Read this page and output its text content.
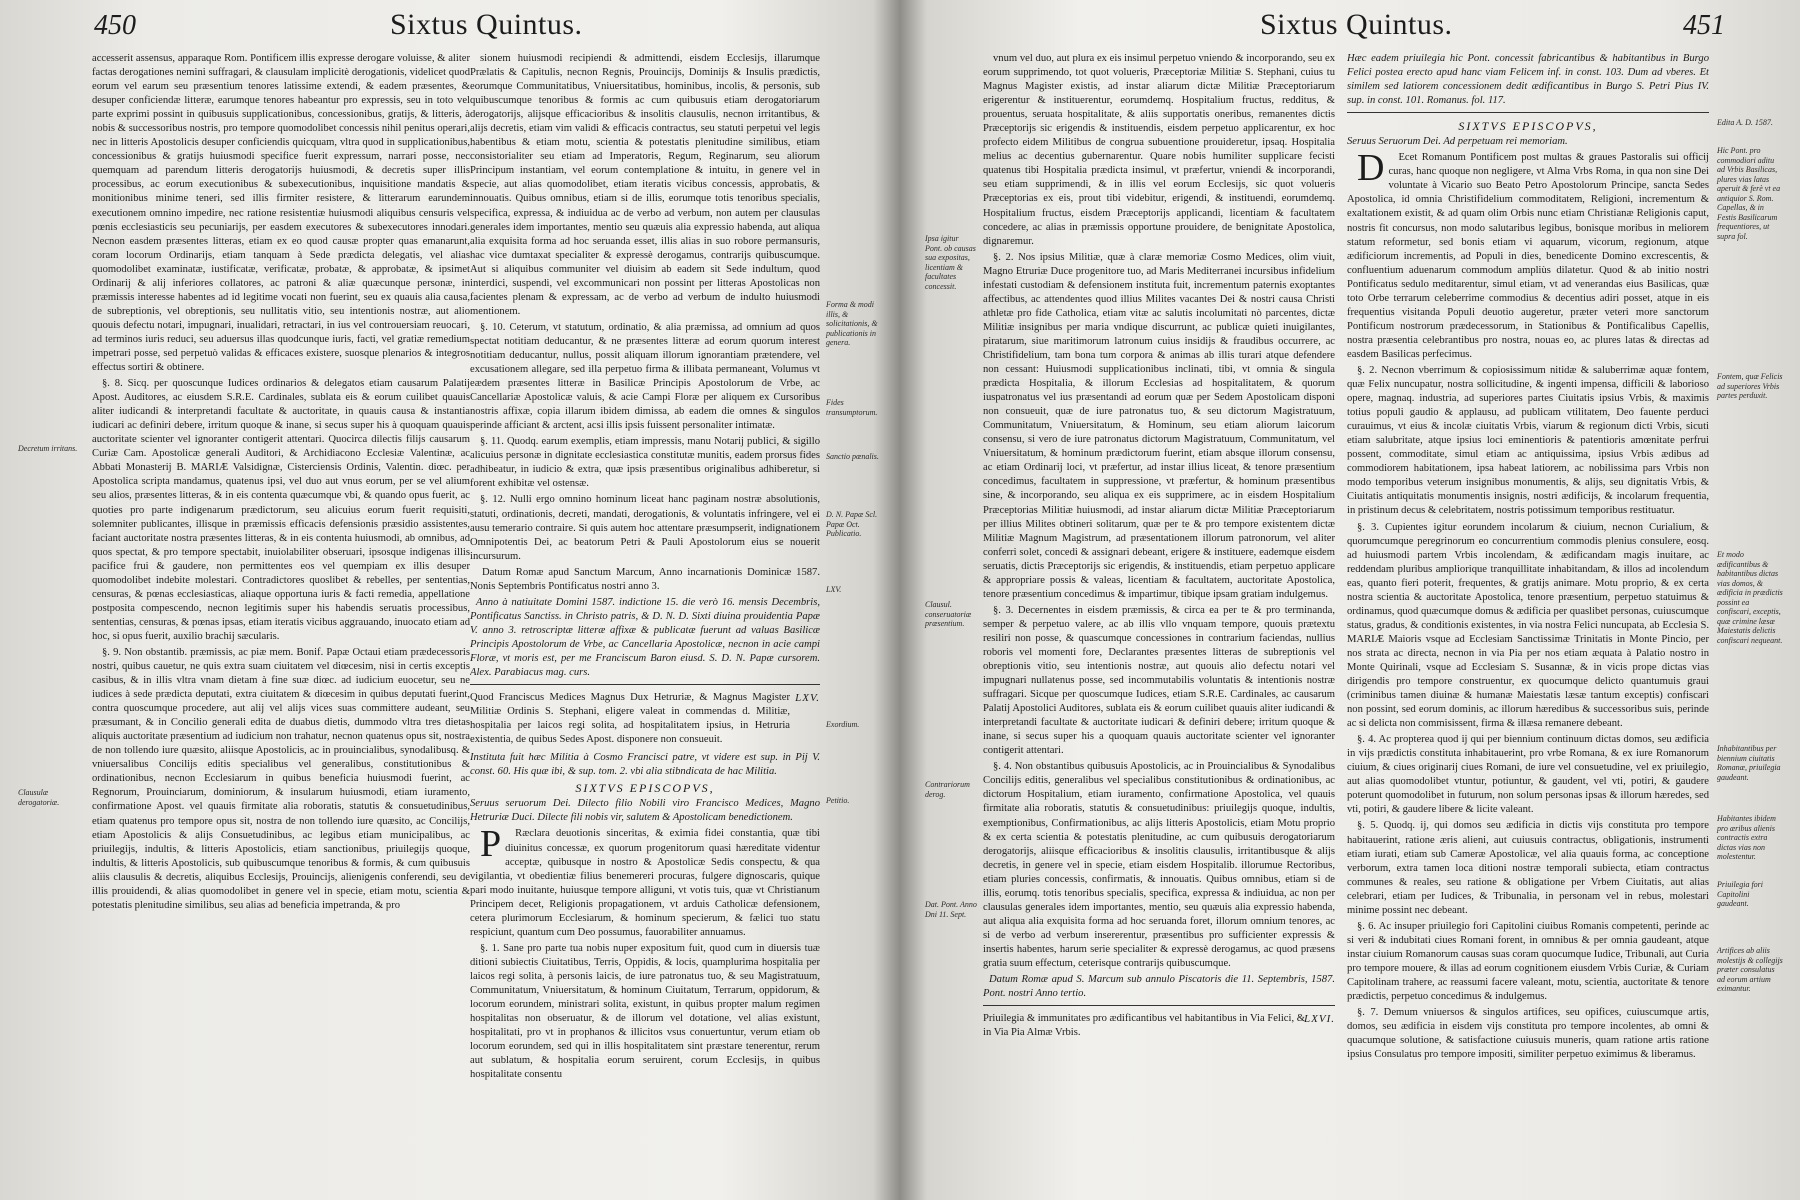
450	Sixtus Quintus.

accesserit assensus, apparaque Rom. Pontificem illis expresse derogare voluisse, & aliter factas derogationes nemini suffragari, & clausulam implicitè derogationis, videlicet quod eorum vel earum seu præsentium tenores latissime extendi, & eadem præsentes, & desuper conficiendæ litteræ, earumque tenores habeantur pro expressis, seu in toto vel parte exprimi possint in quibusuis supplicationibus, concessionibus, gratijs, & litteris, à nobis & successoribus nostris, pro tempore quomodolibet concessis nihil penitus operari, nec in litteris Apostolicis desuper conficiendis quicquam, vltra quod in supplicationibus, concessionibus & gratijs huiusmodi specifice fuerit expressum, narrari posse, nec quemquam ad parendum litteris derogatorijs huiusmodi, & decretis super illis processibus, ac eorum executionibus & subexecutionibus, inquisitione mandatis & monitionibus minime teneri, sed illis firmiter resistere, & litterarum earundem executionem omnino impedire, nec ratione resistentiæ huiusmodi aliquibus censuris vel pœnis ecclesiasticis seu pecuniarijs, per easdem executores & subexecutores innodari. Necnon easdem præsentes litteras, etiam ex eo quod causæ propter quas emanarunt, coram locorum Ordinarijs, etiam tanquam à Sede prædicta delegatis, vel alias quomodolibet examinatæ, iustificatæ, verificatæ, probatæ, & approbatæ, & ipsimet Ordinarij & alij inferiores collatores, ac patroni & aliæ quæcunque personæ, in præmissis interesse habentes ad id legitime vocati non fuerint, seu ex quauis alia causa, de subreptionis, vel obreptionis, seu nullitatis vitio, seu intentionis nostræ, aut alio quouis defectu notari, impugnari, inualidari, retractari, in ius vel controuersiam reuocari, ad terminos iuris reduci, seu aduersus illas quodcunque iuris, facti, vel gratiæ remedium impetrari posse, sed perpetuò validas & efficaces existere, suosque plenarios & integros effectus sortiri & obtinere.

§. 8. Sicq. per quoscunque Iudices ordinarios & delegatos etiam causarum Palatij Apost. Auditores, ac eiusdem S.R.E. Cardinales, sublata eis & eorum cuilibet quauis aliter iudicandi & interpretandi facultate & auctoritate, in quauis causa & instantia iudicari ac definiri debere, irritum quoque & inane, si secus super his à quoquam quauis auctoritate scienter vel ignoranter contigerit attentari. Quocirca dilectis filijs causarum Curiæ Cam. Apostolicæ generali Auditori, & Archidiacono Ecclesiæ Valentinæ, ac Abbati Monasterij B. MARIÆ Valsidignæ, Cisterciensis Ordinis, Valentin. diœc. per Apostolica scripta mandamus, quatenus ipsi, vel duo aut vnus eorum, per se vel alium seu alios, præsentes litteras, & in eis contenta quæcumque vbi, & quando opus fuerit, ac quoties pro parte indigenarum prædictorum, seu alicuius eorum fuerit requisiti, solemniter publicantes, illisque in præmissis efficacis defensionis præsidio assistentes, faciant auctoritate nostra præsentes litteras, & in eis contenta huiusmodi, ab omnibus, ad quos spectat, & pro tempore spectabit, inuiolabiliter obseruari, ipsosque indigenas illis pacifice frui & gaudere, non permittentes eos vel quempiam ex illis desuper quomodolibet indebite molestari. Contradictores quoslibet & rebelles, per sententias, censuras, & pœnas ecclesiasticas, aliaque opportuna iuris & facti remedia, appellatione postposita compescendo, necnon legitimis super his habendis seruatis processibus, sententias, censuras, & pœnas ipsas, etiam iteratis vicibus aggrauando, inuocato etiam ad hoc, si opus fuerit, auxilio brachij sæcularis.

§. 9. Non obstantib. præmissis, ac piæ mem. Bonif. Papæ Octaui etiam prædecessoris nostri, quibus cauetur, ne quis extra suam ciuitatem vel diœcesim, nisi in certis exceptis casibus, & in illis vltra vnam dietam à fine suæ diœc. ad iudicium euocetur, seu ne iudices à sede prædicta deputati, extra ciuitatem & diœcesim in quibus deputati fuerint, contra quoscumque procedere, aut alij vel alijs vices suas committere audeant, seu præsumant, & in Concilio generali edita de duabus dietis, dummodo vltra tres dietas aliquis auctoritate præsentium ad iudicium non trahatur, necnon quatenus opus sit, nostra de non tollendo iure quæsito, aliisque Apostolicis, ac in prouincialibus, synodalibusq. & vniuersalibus Concilijs editis specialibus vel generalibus, constitutionibus & ordinationibus, necnon Ecclesiarum in quibus beneficia huiusmodi fuerint, ac Regnorum, Prouinciarum, dominiorum, & insularum huiusmodi, etiam iuramento, confirmatione Apost. vel quauis firmitate alia roboratis, statutis & consuetudinibus, etiam quatenus pro tempore opus sit, nostra de non tollendo iure quæsito, ac Concilijs, etiam Apostolicis & alijs Consuetudinibus, ac legibus etiam municipalibus, ac priuilegijs, indultis, & litteris Apostolicis, etiam sanctionibus, priuilegijs quoque, indultis, & litteris Apostolicis, sub quibuscumque tenoribus & formis, & cum quibusuis aliis clausulis & decretis, aliquibus Ecclesijs, Prouincijs, alienigenis conferendi, seu de illis prouidendi, & alias quomodolibet in genere vel in specie, etiam motu, scientia & potestatis plenitudine similibus, seu alias ad beneficia impetranda, & pro

sionem huiusmodi recipiendi & admittendi, eisdem Ecclesijs, illarumque Prælatis & Capitulis, necnon Regnis, Prouincijs, Dominijs & Insulis prædictis, eorumque Communitatibus, Vniuersitatibus, hominibus, incolis, & personis, sub quibuscumque tenoribus & formis ac cum quibusuis etiam derogatoriarum derogatorijs, alijsque efficacioribus & insolitis clausulis, necnon irritantibus, & alijs decretis, etiam vim validi & efficacis contractus, seu statuti perpetui vel legis habentibus & etiam motu, scientia & potestatis plenitudine similibus, etiam consistorialiter seu etiam ad Imperatoris, Regum, Reginarum, seu aliorum Principum instantiam, vel eorum contemplatione & intuitu, in genere vel in specie, aut alias quomodolibet, etiam iteratis vicibus concessis, approbatis, & innouatis. Quibus omnibus, etiam si de illis, eorumque totis tenoribus specialis, specifica, expressa, & indiuidua ac de verbo ad verbum, non autem per clausulas generales idem importantes, mentio seu quæuis alia expressio habenda, aut aliqua alia exquisita forma ad hoc seruanda esset, illis alias in suo robore permansuris, hac vice dumtaxat specialiter & expressè derogamus, contrarijs quibuscumque. Aut si aliquibus communiter vel diuisim ab eadem sit Sede indultum, quod interdici, suspendi, vel excommunicari non possint per litteras Apostolicas non facientes plenam & expressam, ac de verbo ad verbum de indulto huiusmodi mentionem.

§. 10. Ceterum, vt statutum, ordinatio, & alia præmissa, ad omnium ad quos spectat notitiam deducantur, & ne præsentes litteræ ad eorum quorum interest notitiam deducantur, nullus, possit aliquam illorum ignorantiam prætendere, vel excusationem allegare, sed illa perpetuo firma & illibata permaneant, Volumus vt eædem præsentes litteræ in Basilicæ Principis Apostolorum de Vrbe, ac Cancellariæ Apostolicæ valuis, & acie Campi Floræ per aliquem ex Cursoribus nostris affixæ, copia illarum ibidem dimissa, ab eadem die omnes & singulos perinde afficiant & arctent, acsi illis ipsis fuissent personaliter intimatæ.

§. 11. Quodq. earum exemplis, etiam impressis, manu Notarij publici, & sigillo alicuius personæ in dignitate ecclesiastica constitutæ munitis, eadem prorsus fides adhibeatur, in iudicio & extra, quæ ipsis præsentibus originalibus adhiberetur, si forent exhibitæ vel ostensæ.

§. 12. Nulli ergo omnino hominum liceat hanc paginam nostræ absolutionis, statuti, ordinationis, decreti, mandati, derogationis, & voluntatis infringere, vel ei ausu temerario contraire. Si quis autem hoc attentare præsumpserit, indignationem Omnipotentis Dei, ac beatorum Petri & Pauli Apostolorum eius se nouerit incursurum.

Datum Romæ apud Sanctum Marcum, Anno incarnationis Dominicæ 1587. Nonis Septembris Pontificatus nostri anno 3.

Anno à natiuitate Domini 1587. indictione 15. die verò 16. mensis Decembris, Pontificatus Sanctiss. in Christo patris, & D. N. D. Sixti diuina prouidentia Papæ V. anno 3. retroscriptæ litteræ affixæ & publicatæ fuerunt ad valuas Basilicæ Principis Apostolorum de Vrbe, ac Cancellaria Apostolicæ, necnon in acie campi Floræ, vt moris est, per me Franciscum Baron eiusd. S. D. N. Papæ cursorem. Alex. Parabiacus mag. curs.

Quod Franciscus Medices Magnus Dux Hetruriæ, & Magnus Magister Militiæ Ordinis S. Stephani, eligere valeat in commendas d. Militiæ, hospitalia per laicos regi solita, ad hospitalitatem ipsius, in Hetruria existentia, de quibus Sedes Apost. disponere non consueuit.

LXV.

Instituta fuit hæc Militia à Cosmo Francisci patre, vt videre est sup. in Pij V. const. 60. His quæ ibi, & sup. tom. 2. vbi alia stibndicata de hac Militia.

SIXTVS EPISCOPVS,

Seruus seruorum Dei. Dilecto filio Nobili viro Francisco Medices, Magno Hetruriæ Duci. Dilecte fili nobis vir, salutem & Apostolicam benedictionem.

P Ræclara deuotionis sinceritas, & eximia fidei constantia, quæ tibi diuinitus concessæ, ex quorum progenitorum quasi hæreditate videntur acceptæ, quibusque in nostro & Apostolicæ Sedis conspectu, & qua vigilantia, vt obedientiæ filius benemereri procuras, fulgere dignoscaris, quique pari modo inuitante, huiusque tempore alliguni, vt votis tuis, quæ vt Christianum Principem decet, Religionis propagationem, vt arduis Catholicæ defensionem, cetera plurimorum Ecclesiarum, & hominum specierum, & fælici tuo statu respiciunt, quantum cum Deo possumus, fauorabiliter annuamus.

§. 1. Sane pro parte tua nobis nuper expositum fuit, quod cum in diuersis tuæ ditioni subiectis Ciuitatibus, Terris, Oppidis, & locis, quamplurima hospitalia per laicos regi solita, à personis laicis, de iure patronatus tuo, & seu Magistratuum, Communitatum, Vniuersitatum, & hominum Ciuitatum, Terrarum, oppidorum, & locorum eorundem, ministrari solita, existunt, in quibus propter malum regimen hospitalitas non obseruatur, & de illorum vel dotatione, vel alias existunt, hospitalitati, pro vt in prophanos & illicitos vsus conuertuntur, verum etiam ob locorum eorundem, sed qui in illis hospitalitatem sint præstare tenerentur, rerum aut sublatum, & hospitalia eorum seruirent, corum Ecclesijs, in quibus hospitalitate consentu

Forma & modi illis, & solicitationis, & publicationis in genera.
Fides transumptorum.
Sanctio pœnalis.
D. N. Papæ Scl. Papæ Oct. Publicatio.
LXV.
Exordium.
Petitio.
Decretum irritans.
Clausulæ derogatoriæ.
Sixtus Quintus.	451

vnum vel duo, aut plura ex eis insimul perpetuo vniendo & incorporando, seu ex eorum supprimendo, tot quot volueris, Præceptoriæ Militiæ S. Stephani, cuius tu Magnus Magister existis, ad instar aliarum dictæ Militiæ Præceptoriarum erigerentur & instituerentur, eorumdemq. Hospitalium fructus, redditus, & prouentus, seruata hospitalitate, & aliis supportatis oneribus, remanentes dictis Præceptorijs sic erigendis & instituendis, eisdem perpetuo applicarentur, ex hoc profecto eidem Militibus de congrua subuentione prouideretur, ipsaq. Hospitalia melius ac decentius gubernarentur. Quare nobis humiliter supplicare fecisti quatenus tibi Hospitalia prædicta insimul, vt præfertur, vniendi & incorporandi, seu etiam supprimendi, & in illis vel eorum Ecclesijs, sic quot volueris Præceptorias ex eis, prout tibi videbitur, erigendi, & instituendi, eorumdemq. Hospitalium fructus, eisdem Præceptorijs applicandi, licentiam & facultatem concedere, ac alias in præmissis opportune prouidere, de benignitate Apostolica, dignaremur.

§. 2. Nos ipsius Militiæ, quæ à claræ memoriæ Cosmo Medices, olim viuit, Magno Etruriæ Duce progenitore tuo, ad Maris Mediterranei incursibus infidelium infestati custodiam & defensionem instituta fuit, incrementum paternis exoptantes affectibus, ac attendentes quod illius Milites vacantes Dei & nostri causa Christi athletæ pro fide Catholica, etiam vitæ ac salutis incolumitati nò parcentes, dictæ Militiæ insignibus per maria vndique discurrunt, ac publicæ quieti inuigilantes, piratarum, siue maritimorum latronum cuius insidijs & fraudibus occurrere, ac Christifidelium, tam bona tum corpora & animas ab illis turari atque defendere non cessant: Huiusmodi supplicationibus inclinati, tibi, vt omnia & singula prædicta Hospitalia, & illorum Ecclesias ad hospitalitatem, & quorum iuspatronatus vel ius præsentandi ad eorum quæ per Sedem Apostolicam disponi non consueuit, quæ de iure patronatus tuo, & seu dictorum Magistratuum, Communitatum, Vniuersitatum, & Hominum, seu etiam aliorum laicorum consensu, si vero de iure patronatus dictorum Magistratuum, Communitatum, vel Vniuersitatum, & hominum prædictorum fuerint, etiam absque illorum consensu, ac etiam Ordinarij loci, vt præfertur, ad instar illius liceat, & tenore præsentium concedimus, facultatem in suppressione, vt præfertur, & hominum præsentibus sine, & incorporando, seu aliqua ex eis supprimere, ac in eisdem Hospitalium Præceptorias Militiæ huiusmodi, ad instar aliarum dictæ Militiæ Præceptoriarum per illius Milites obtineri solitarum, quæ per te & pro tempore existentem dictæ Militiæ Magnum Magistrum, ad præsentationem illorum patronorum, vel aliter conferri solet, concedi & assignari debeant, erigere & instituere, eademque eisdem seruatis, dictis Præceptorijs sic erigendis, & instituendis, etiam perpetuo applicare & appropriare possis & valeas, licentiam & facultatem, auctoritate Apostolica, tenore præsentium concedimus & impartimur, tibique ipsam gratiam indulgemus.

§. 3. Decernentes in eisdem præmissis, & circa ea per te & pro terminanda, semper & perpetuo valere, ac ab illis vllo vnquam tempore, quouis prætextu resiliri non posse, & quascumque concessiones in contrarium faciendas, nullius roboris vel momenti fore, Declarantes præsentes litteras de subreptionis vel obreptionis vitio, seu intentionis nostræ, aut quouis alio defectu notari vel impugnari nullatenus posse, sed incommutabilis voluntatis & intentionis nostræ suffragari. Sicque per quoscumque Iudices, etiam S.R.E. Cardinales, ac causarum Palatij Apostolici Auditores, sublata eis & eorum cuilibet quauis aliter iudicandi & interpretandi facultate & auctoritate iudicari & definiri debere; irritum quoque & inane, si secus super his a quoquam quauis auctoritate scienter vel ignoranter contigerit attentari.

§. 4. Non obstantibus quibusuis Apostolicis, ac in Prouincialibus & Synodalibus Concilijs editis, generalibus vel specialibus constitutionibus & ordinationibus, ac dictorum Hospitalium, etiam iuramento, confirmatione Apostolica, vel quauis firmitate alia roboratis, statutis & consuetudinibus: priuilegijs quoque, indultis, exemptionibus, Confirmationibus, ac alijs litteris Apostolicis, etiam Motu proprio & ex certa scientia & potestatis plenitudine, ac cum quibusuis derogatoriarum derogatorijs, aliisque efficacioribus & insolitis clausulis, irritantibusque & alijs decretis, in genere vel in specie, etiam eisdem Hospitalib. illorumue Rectoribus, etiam pluries concessis, confirmatis, & innouatis. Quibus omnibus, etiam si de illis, eorumq. totis tenoribus specialis, specifica, expressa & indiuidua, ac non per clausulas generales idem importantes, mentio, seu quæuis alia expressio habenda, aut aliqua alia exquisita forma ad hoc seruanda foret, illorum omnium tenores, ac si de verbo ad verbum insererentur, præsentibus pro sufficienter expressis & insertis habentes, harum serie specialiter & expressè derogamus, ac quod præsens gratia suum effectum, ceterisque contrarijs quibuscumque.

Datum Romæ apud S. Marcum sub annulo Piscatoris die 11. Septembris, 1587. Pont. nostri Anno tertio.

Priuilegia & immunitates pro ædificantibus vel habitantibus in Via Felici, & in Via Pia Almæ Vrbis.

LXVI.

Hæc eadem priuilegia hic Pont. concessit fabricantibus & habitantibus in Burgo Felici postea erecto apud hanc viam Felicem inf. in const. 103. Dum ad vberes. Et similem sed latiorem concessionem dedit ædificantibus in Burgo S. Petri Pius IV. sup. in const. 101. Romanus. fol. 117.

SIXTVS EPISCOPVS,

Seruus Seruorum Dei. Ad perpetuam rei memoriam.

D Ecet Romanum Pontificem post multas & graues Pastoralis sui officij curas, hanc quoque non negligere, vt Alma Vrbs Roma, in qua non sine Dei voluntate à Vicario suo Beato Petro Apostolorum Principe, sancta Sedes Apostolica, id omnia Christifidelium commoditatem, Religioni, incrementum & exaltationem existit, & ad quam olim Orbis nunc etiam Christianæ Religionis caput, nostris fit concursus, non modo salutaribus legibus, bonisque moribus in meliorem statum reformetur, sed bonis etiam vi aquarum, vicorum, regionum, atque ædificiorum incrementis, ad Populi in dies, benedicente Domino excrescentis, & confluentium aduenarum commodum ampliùs dilatetur. Quod & ab initio nostri Pontificatus sedulo meditarentur, simul etiam, vt ad venerandas eius Basilicas, quæ toto Orbe terrarum celeberrime commodius & decentius adiri posset, atque in eis frequentius visitanda Populi deuotio augeretur, præter veteri more sanctorum Pontificum nostrorum prædecessorum, in Stationibus & Pontificalibus Capellis, nostra præsentia celebrantibus pro nostra, nouas eo, ac plures latas & directas ad easdem Basilicas perfecimus.

§. 2. Necnon vberrimum & copiosissimum nitidæ & saluberrimæ aquæ fontem, quæ Felix nuncupatur, nostra sollicitudine, & ingenti impensa, difficili & laborioso opere, magnaq. industria, ad superiores partes Ciuitatis ipsius Vrbis, & maximis totius populi gaudio & applausu, ad publicam vtilitatem, Deo fauente perduci curauimus, vt eius & incolæ ciuitatis Vrbis, viarum & regionum dicti Vrbis, sicuti etiam salubritate, atque ipsius loci eminentioris & patentioris amœnitate perfrui possent, commoditate, simul etiam ac antiquissima, ipsius Vrbis ædibus ad commodiorem habitationem, ipsa habeat latiorem, ac nobilissima pars Vrbis non modo temporibus veterum insignibus monumentis, & alijs, seu dignitatis Vrbis, & Ciuitatis antiquitatis monumentis insignis, nostri ædificijs, & incolarum frequentia, in pristinum decus & celebritatem, nostris potissimum temporibus restituatur.

§. 3. Cupientes igitur eorundem incolarum & ciuium, necnon Curialium, & quorumcumque peregrinorum eo concurrentium commodis plenius consulere, eosq. ad huiusmodi partem Vrbis incolendam, & ædificandam magis inuitare, ac reddendam pluribus ampliorique tranquillitate inhabitandam, & illos ad incolendum eas, quanto fieri poterit, frequentes, & gratijs animare. Motu proprio, & ex certa nostra scientia & auctoritate Apostolica, tenore præsentium, perpetuo statuimus & ordinamus, quod quæcumque domus & ædificia per quaslibet personas, cuiuscumque status, gradus, & conditionis existentes, in via nostra Felici nuncupata, ab Ecclesia S. MARIÆ Maioris vsque ad Ecclesiam Sanctissimæ Trinitatis in Monte Pincio, per nos strata ac directa, necnon in via Pia per nos etiam æquata à Palatio nostro in Monte Quirinali, vsque ad Ecclesiam S. Susannæ, & in vicis prope dictas vias dirigendis pro tempore construentur, ex quocumque delicto quantumuis graui (criminibus tamen diuinæ & humanæ Maiestatis læsæ tantum exceptis) confiscari non possint, sed eorum dominis, ac illorum hæredibus & successoribus suis, perinde ac si delicta non commisissent, firma & illæsa remanere debeant.

§. 4. Ac propterea quod ij qui per biennium continuum dictas domos, seu ædificia in vijs prædictis constituta inhabitauerint, pro vrbe Romana, & ex iure Romanorum ciuium, & ciues originarij ciues Romani, de iure vel consuetudine, vel ex priuilegio, aut alias quomodolibet vtuntur, potiuntur, & gaudent, vel vti, potiri, & gaudere poterunt quomodolibet in futurum, non solum personas ipsas & illorum hæredes, sed vti, potiri, & gaudere libere & licite valeant.

§. 5. Quodq. ij, qui domos seu ædificia in dictis vijs constituta pro tempore habitauerint, ratione æris alieni, aut cuiusuis contractus, obligationis, instrumenti etiam iurati, etiam sub Cameræ Apostolicæ, vel alia quauis forma, ac conceptione verborum, extra tamen loca ditioni nostræ temporali subiecta, etiam contractus communes & reales, seu ratione & obligatione per Vrbem Ciuitatis, aut alias celebrari, etiam per Iudices, & Tribunalia, in personam vel in rebus, molestari minime possint nec debeant.

§. 6. Ac insuper priuilegio fori Capitolini ciuibus Romanis competenti, perinde ac si veri & indubitati ciues Romani forent, in omnibus & per omnia gaudeant, atque instar ciuium Romanorum causas suas coram quocumque Iudice, Tribunali, aut Curia pro tempore mouere, & illas ad eorum cognitionem eiusdem Vrbis Curiæ, & Curiam Capitolinam trahere, ac reassumi facere valeant, motu, scientia, auctoritate & tenore prædictis, perpetuo concedimus & indulgemus.

§. 7. Demum vniuersos & singulos artifices, seu opifices, cuiuscumque artis, domos, seu ædificia in eisdem vijs constituta pro tempore incolentes, ab omni & quacumque solutione, & satisfactione cuiusuis muneris, quam ratione artis ratione ipsius Consulatus pro tempore impositi, similiter perpetuo eximimus & liberamus.

Ipsa igitur Pont. ob causas sua expositas, licentiam & facultates concessit.
Clausul. conseruatoriæ præsentium.
Contrariorum derog.
Dat. Pont. Anno Dni 11. Sept.
Edita A. D. 1587.
Hic Pont. pro commodiori aditu ad Vrbis Basilicas, plures vias latas aperuit & ferè vt ea antiquior S. Rom. Capellas, & in Festis Basilicarum frequentiores, ut supra fol.
Fontem, quæ Felicis ad superiores Vrbis partes perduxit.
Et modo ædificantibus & habitantibus dictas vias domos, & ædificia in prædictis possint ea confiscari, exceptis, quæ crimine læsæ Maiestatis delictis confiscari nequeant.
Inhabitantibus per biennium ciuitatis Romanæ, priuilegia gaudeant.
Habitantes ibidem pro æribus alienis contractis extra dictas vias non molestentur.
Priuilegia fori Capitolini gaudeant.
Artifices ab aliis molestijs & collegijs præter consulatus ad eorum artium eximantur.
